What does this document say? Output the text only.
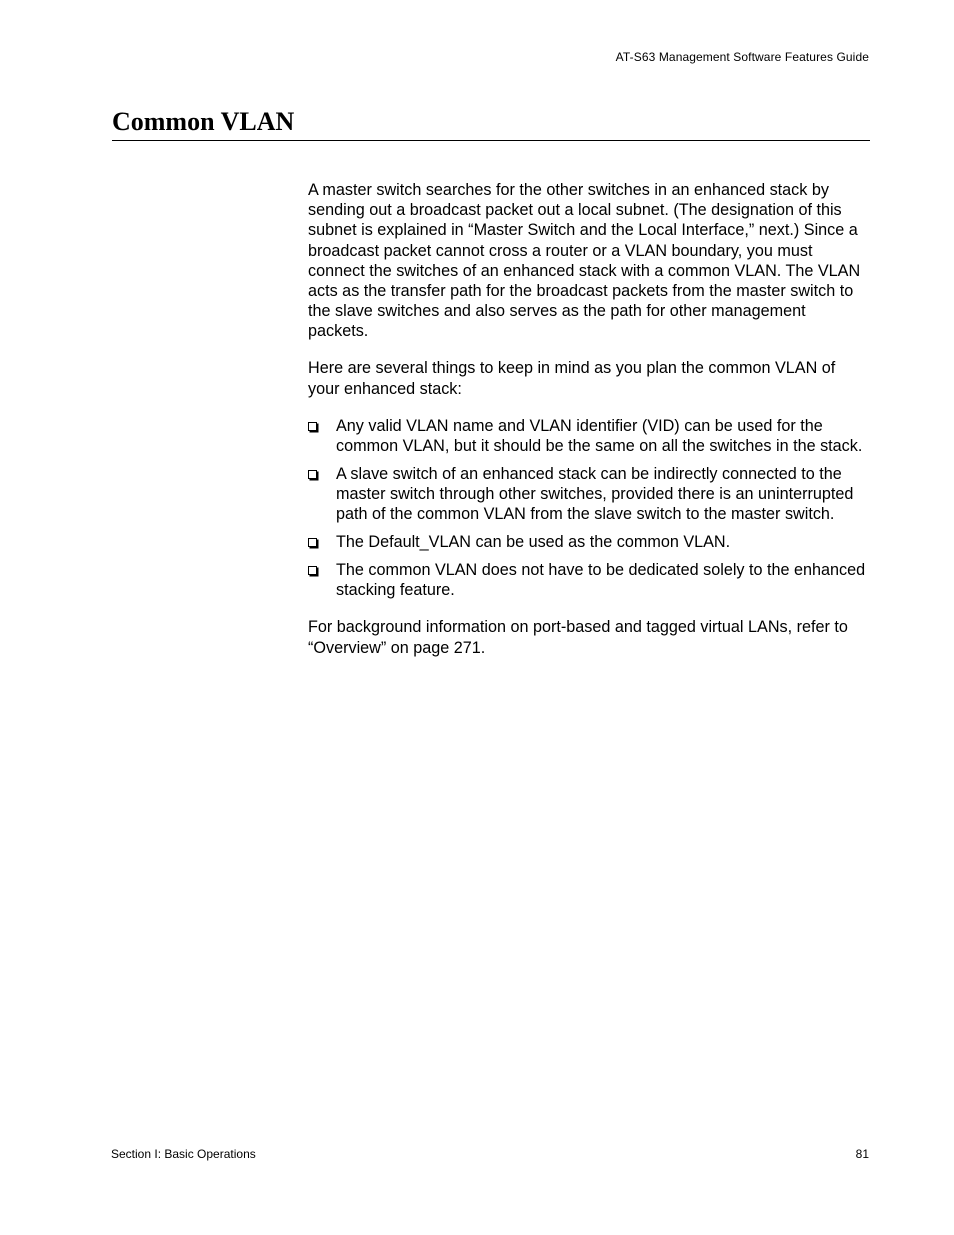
AT-S63 Management Software Features Guide
Common VLAN

A master switch searches for the other switches in an enhanced stack by sending out a broadcast packet out a local subnet. (The designation of this subnet is explained in “Master Switch and the Local Interface,” next.) Since a broadcast packet cannot cross a router or a VLAN boundary, you must connect the switches of an enhanced stack with a common VLAN. The VLAN acts as the transfer path for the broadcast packets from the master switch to the slave switches and also serves as the path for other management packets.

Here are several things to keep in mind as you plan the common VLAN of your enhanced stack:

Any valid VLAN name and VLAN identifier (VID) can be used for the common VLAN, but it should be the same on all the switches in the stack.
A slave switch of an enhanced stack can be indirectly connected to the master switch through other switches, provided there is an uninterrupted path of the common VLAN from the slave switch to the master switch.
The Default_VLAN can be used as the common VLAN.
The common VLAN does not have to be dedicated solely to the enhanced stacking feature.

For background information on port-based and tagged virtual LANs, refer to “Overview” on page 271.

Section I: Basic Operations	81
